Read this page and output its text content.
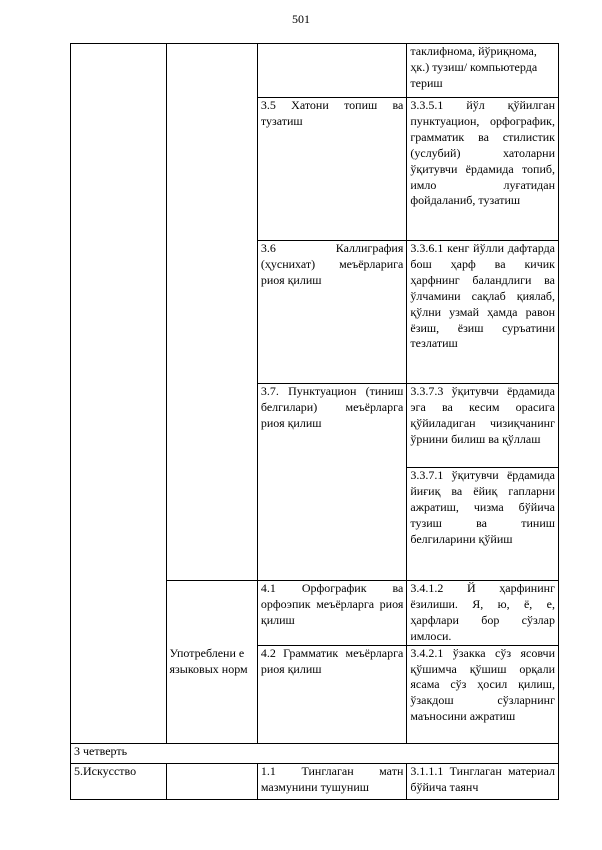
501
			таклифнома, йўриқнома, ҳк.) тузиш/ компьютерда териш
		3.5 Хатони топиш ва тузатиш	3.3.5.1 йўл қўйилган пунктуацион, орфографик, грамматик ва стилистик (услубий) хатоларни ўқитувчи ёрдамида топиб, имло луғатидан фойдаланиб, тузатиш
		3.6 Каллиграфия (ҳуснихат) меъёрларига риоя қилиш	3.3.6.1 кенг йўлли дафтарда бош ҳарф ва кичик ҳарфнинг баландлиги ва ўлчамини сақлаб қиялаб, қўлни узмай ҳамда равон ёзиш, ёзиш суръатини тезлатиш
		3.7. Пунктуацион (тиниш белгилари) меъёрларга риоя қилиш	3.3.7.3 ўқитувчи ёрдамида эга ва кесим орасига қўйиладиган чизиқчанинг ўрнини билиш ва қўллаш
			3.3.7.1 ўқитувчи ёрдамида йиғиқ ва ёйиқ гапларни ажратиш, чизма бўйича тузиш ва тиниш белгиларини қўйиш
	Употреблени е языковых норм	4.1 Орфографик ва орфоэпик меъёрларга риоя қилиш	3.4.1.2 Й ҳарфининг ёзилиши. Я, ю, ё, е, ҳарфлари бор сўзлар имлоси.
		4.2 Грамматик меъёрларга риоя қилиш	3.4.2.1 ўзакка сўз ясовчи қўшимча қўшиш орқали ясама сўз ҳосил қилиш, ўзакдош сўзларнинг маъносини ажратиш
3 четверть			
5.Искусство		1.1 Тинглаган матн мазмунини тушуниш	3.1.1.1 Тинглаган материал бўйича таянч
